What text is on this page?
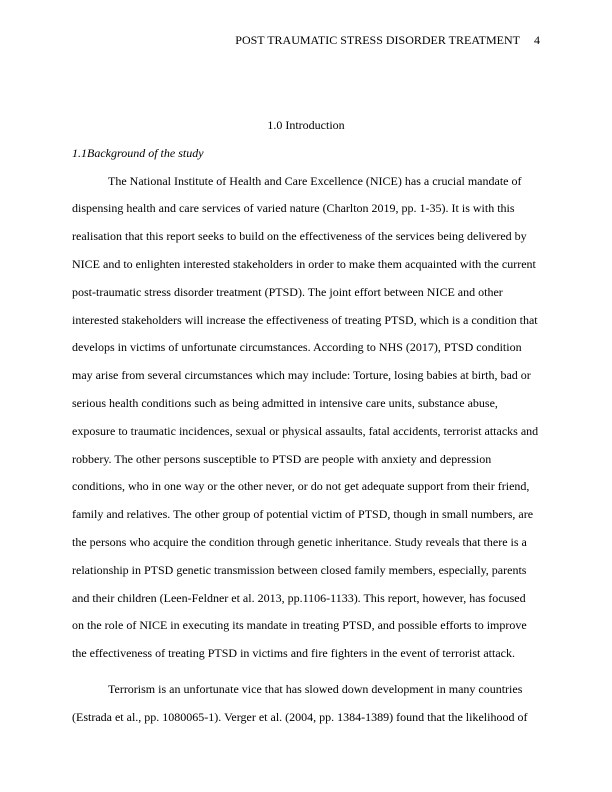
POST TRAUMATIC STRESS DISORDER TREATMENT 4
1.0 Introduction
1.1Background of the study

The National Institute of Health and Care Excellence (NICE) has a crucial mandate of dispensing health and care services of varied nature (Charlton 2019, pp. 1-35). It is with this realisation that this report seeks to build on the effectiveness of the services being delivered by NICE and to enlighten interested stakeholders in order to make them acquainted with the current post-traumatic stress disorder treatment (PTSD). The joint effort between NICE and other interested stakeholders will increase the effectiveness of treating PTSD, which is a condition that develops in victims of unfortunate circumstances. According to NHS (2017), PTSD condition may arise from several circumstances which may include: Torture, losing babies at birth, bad or serious health conditions such as being admitted in intensive care units, substance abuse, exposure to traumatic incidences, sexual or physical assaults, fatal accidents, terrorist attacks and robbery. The other persons susceptible to PTSD are people with anxiety and depression conditions, who in one way or the other never, or do not get adequate support from their friend, family and relatives. The other group of potential victim of PTSD, though in small numbers, are the persons who acquire the condition through genetic inheritance. Study reveals that there is a relationship in PTSD genetic transmission between closed family members, especially, parents and their children (Leen-Feldner et al. 2013, pp.1106-1133). This report, however, has focused on the role of NICE in executing its mandate in treating PTSD, and possible efforts to improve the effectiveness of treating PTSD in victims and fire fighters in the event of terrorist attack.

Terrorism is an unfortunate vice that has slowed down development in many countries (Estrada et al., pp. 1080065-1). Verger et al. (2004, pp. 1384-1389) found that the likelihood of
